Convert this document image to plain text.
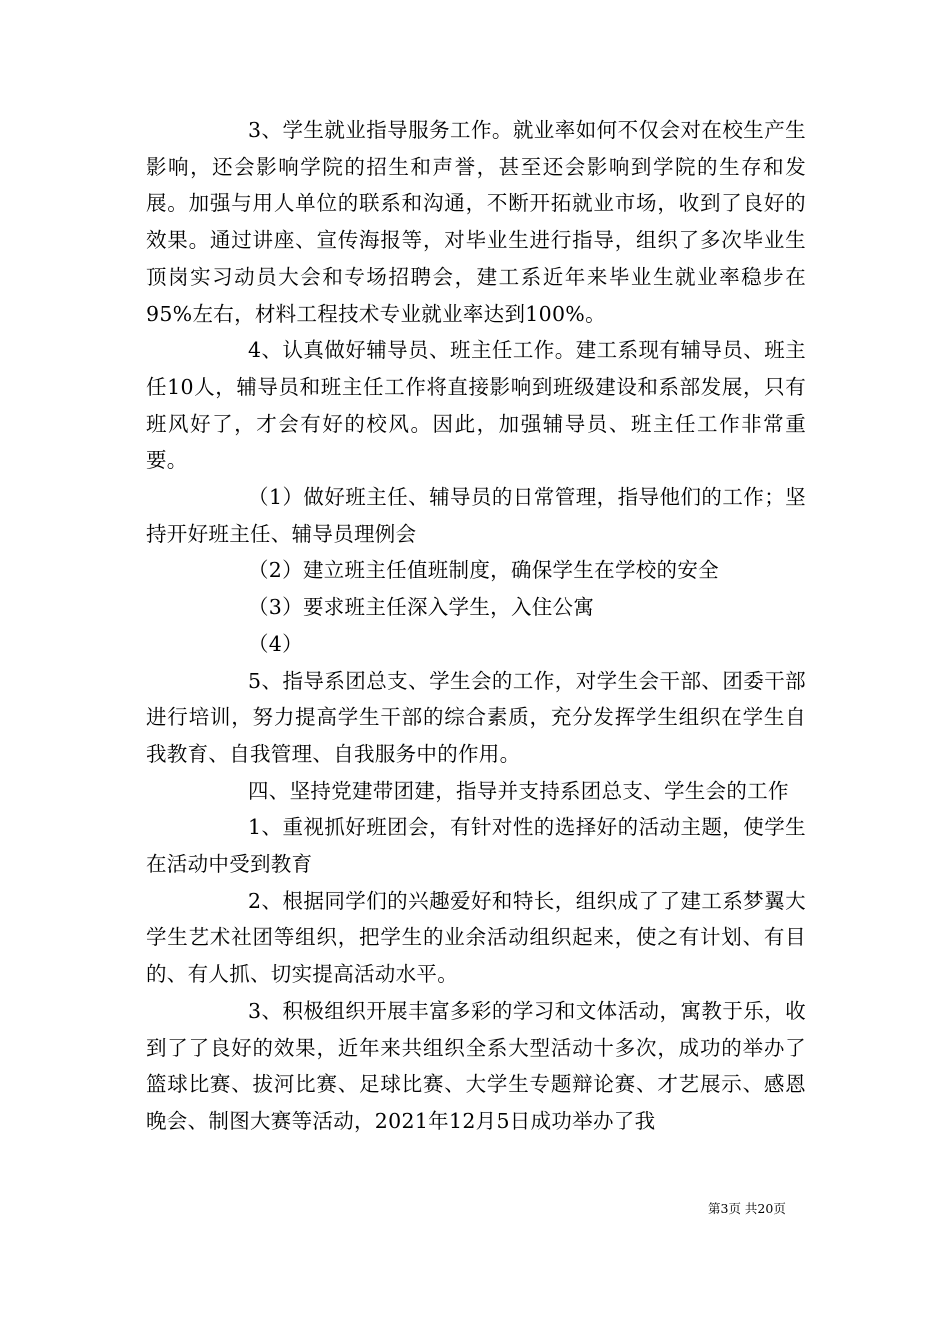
3、学生就业指导服务工作。就业率如何不仅会对在校生产生影响，还会影响学院的招生和声誉，甚至还会影响到学院的生存和发展。加强与用人单位的联系和沟通，不断开拓就业市场，收到了良好的效果。通过讲座、宣传海报等，对毕业生进行指导，组织了多次毕业生顶岗实习动员大会和专场招聘会，建工系近年来毕业生就业率稳步在95%左右，材料工程技术专业就业率达到100%。

4、认真做好辅导员、班主任工作。建工系现有辅导员、班主任10人，辅导员和班主任工作将直接影响到班级建设和系部发展，只有班风好了，才会有好的校风。因此，加强辅导员、班主任工作非常重要。

（1）做好班主任、辅导员的日常管理，指导他们的工作；坚持开好班主任、辅导员理例会

（2）建立班主任值班制度，确保学生在学校的安全

（3）要求班主任深入学生，入住公寓

（4）

5、指导系团总支、学生会的工作，对学生会干部、团委干部进行培训，努力提高学生干部的综合素质，充分发挥学生组织在学生自我教育、自我管理、自我服务中的作用。

四、坚持党建带团建，指导并支持系团总支、学生会的工作

1、重视抓好班团会，有针对性的选择好的活动主题，使学生在活动中受到教育

2、根据同学们的兴趣爱好和特长，组织成了了建工系梦翼大学生艺术社团等组织，把学生的业余活动组织起来，使之有计划、有目的、有人抓、切实提高活动水平。

3、积极组织开展丰富多彩的学习和文体活动，寓教于乐，收到了了良好的效果，近年来共组织全系大型活动十多次，成功的举办了篮球比赛、拔河比赛、足球比赛、大学生专题辩论赛、才艺展示、感恩晚会、制图大赛等活动，2021年12月5日成功举办了我

第3页 共20页
